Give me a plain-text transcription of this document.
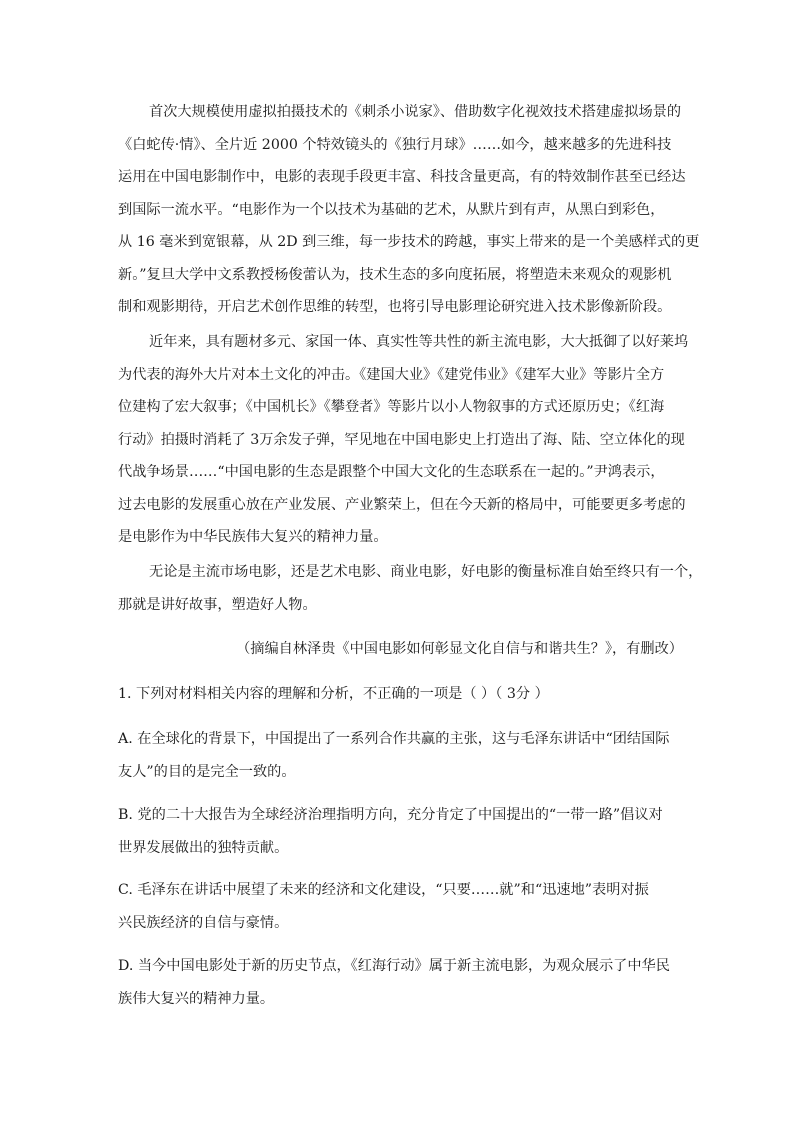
首次大规模使用虚拟拍摄技术的《刺杀小说家》、借助数字化视效技术搭建虚拟场景的
《白蛇传·情》、全片近 2000 个特效镜头的《独行月球》……如今，越来越多的先进科技
运用在中国电影制作中，电影的表现手段更丰富、科技含量更高，有的特效制作甚至已经达
到国际一流水平。“电影作为一个以技术为基础的艺术，从默片到有声，从黑白到彩色，
从 16 毫米到宽银幕，从 2D 到三维，每一步技术的跨越，事实上带来的是一个美感样式的更
新。”复旦大学中文系教授杨俊蕾认为，技术生态的多向度拓展，将塑造未来观众的观影机
制和观影期待，开启艺术创作思维的转型，也将引导电影理论研究进入技术影像新阶段。
近年来，具有题材多元、家国一体、真实性等共性的新主流电影，大大抵御了以好莱坞
为代表的海外大片对本土文化的冲击。《建国大业》《建党伟业》《建军大业》等影片全方
位建构了宏大叙事；《中国机长》《攀登者》等影片以小人物叙事的方式还原历史；《红海
行动》拍摄时消耗了 3万余发子弹，罕见地在中国电影史上打造出了海、陆、空立体化的现
代战争场景……“中国电影的生态是跟整个中国大文化的生态联系在一起的。”尹鸿表示，
过去电影的发展重心放在产业发展、产业繁荣上，但在今天新的格局中，可能要更多考虑的
是电影作为中华民族伟大复兴的精神力量。
无论是主流市场电影，还是艺术电影、商业电影，好电影的衡量标准自始至终只有一个，
那就是讲好故事，塑造好人物。
（摘编自林泽贵《中国电影如何彰显文化自信与和谐共生？》，有删改）
1. 下列对材料相关内容的理解和分析，不正确的一项是（ ）（ 3分 ）
A. 在全球化的背景下，中国提出了一系列合作共赢的主张，这与毛泽东讲话中“团结国际
友人”的目的是完全一致的。
B. 党的二十大报告为全球经济治理指明方向，充分肯定了中国提出的“一带一路”倡议对
世界发展做出的独特贡献。
C. 毛泽东在讲话中展望了未来的经济和文化建设，“只要……就”和“迅速地”表明对振
兴民族经济的自信与豪情。
D. 当今中国电影处于新的历史节点，《红海行动》属于新主流电影，为观众展示了中华民
族伟大复兴的精神力量。
